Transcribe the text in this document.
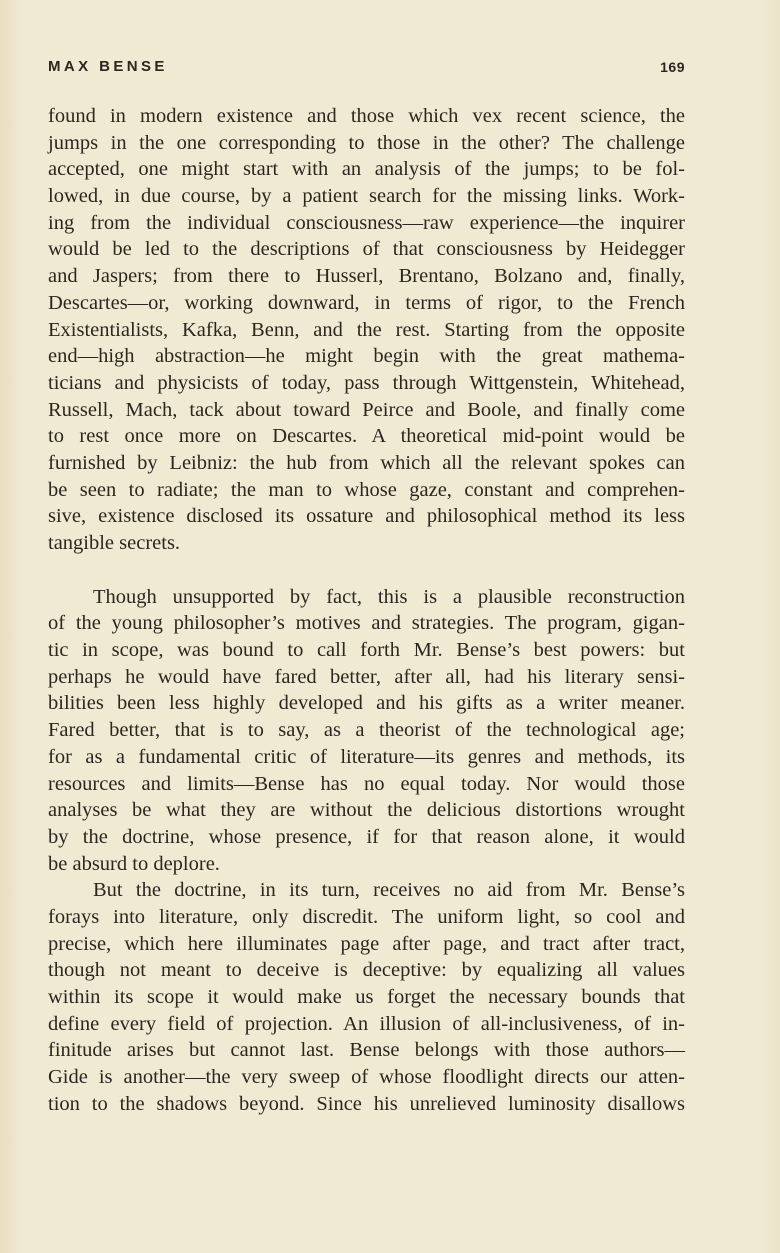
MAX BENSE	169

found in modern existence and those which vex recent science, the
jumps in the one corresponding to those in the other? The challenge
accepted, one might start with an analysis of the jumps; to be fol-
lowed, in due course, by a patient search for the missing links. Work-
ing from the individual consciousness—raw experience—the inquirer
would be led to the descriptions of that consciousness by Heidegger
and Jaspers; from there to Husserl, Brentano, Bolzano and, finally,
Descartes—or, working downward, in terms of rigor, to the French
Existentialists, Kafka, Benn, and the rest. Starting from the opposite
end—high abstraction—he might begin with the great mathema-
ticians and physicists of today, pass through Wittgenstein, Whitehead,
Russell, Mach, tack about toward Peirce and Boole, and finally come
to rest once more on Descartes. A theoretical mid-point would be
furnished by Leibniz: the hub from which all the relevant spokes can
be seen to radiate; the man to whose gaze, constant and comprehen-
sive, existence disclosed its ossature and philosophical method its less
tangible secrets.

Though unsupported by fact, this is a plausible reconstruction
of the young philosopher’s motives and strategies. The program, gigan-
tic in scope, was bound to call forth Mr. Bense’s best powers: but
perhaps he would have fared better, after all, had his literary sensi-
bilities been less highly developed and his gifts as a writer meaner.
Fared better, that is to say, as a theorist of the technological age;
for as a fundamental critic of literature—its genres and methods, its
resources and limits—Bense has no equal today. Nor would those
analyses be what they are without the delicious distortions wrought
by the doctrine, whose presence, if for that reason alone, it would
be absurd to deplore.

But the doctrine, in its turn, receives no aid from Mr. Bense’s
forays into literature, only discredit. The uniform light, so cool and
precise, which here illuminates page after page, and tract after tract,
though not meant to deceive is deceptive: by equalizing all values
within its scope it would make us forget the necessary bounds that
define every field of projection. An illusion of all-inclusiveness, of in-
finitude arises but cannot last. Bense belongs with those authors—
Gide is another—the very sweep of whose floodlight directs our atten-
tion to the shadows beyond. Since his unrelieved luminosity disallows
